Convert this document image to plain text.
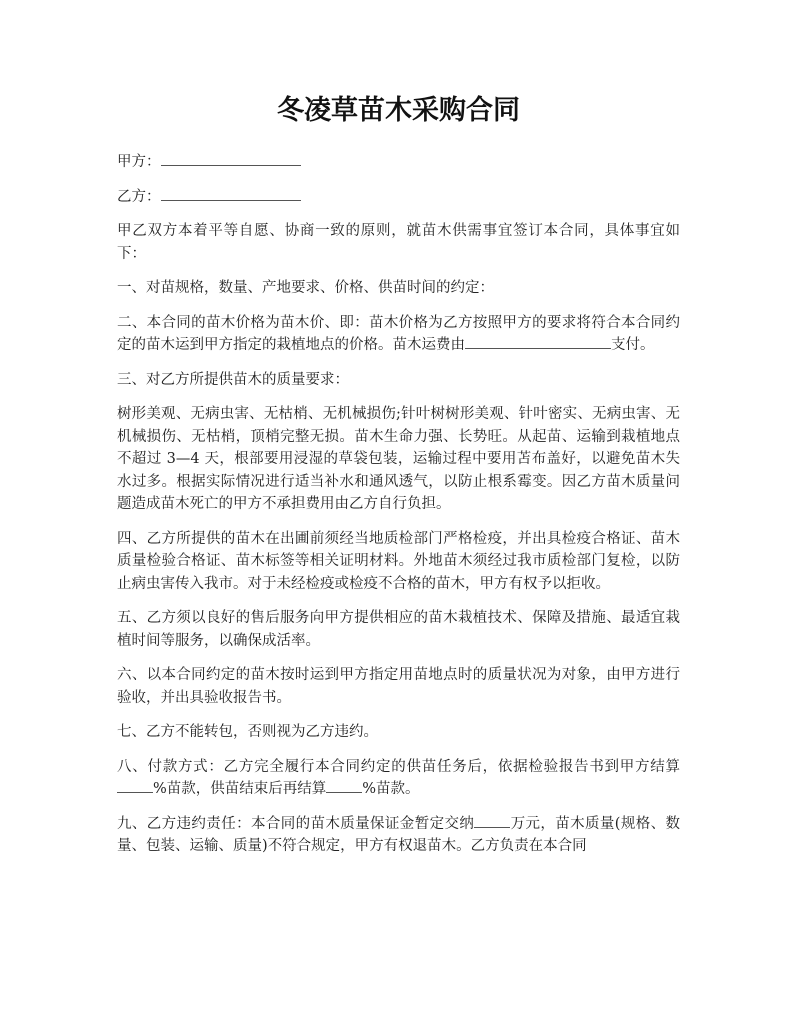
冬凌草苗木采购合同

甲方：

乙方：

甲乙双方本着平等自愿、协商一致的原则，就苗木供需事宜签订本合同，具体事宜如下：

一、对苗规格，数量、产地要求、价格、供苗时间的约定：

二、本合同的苗木价格为苗木价、即：苗木价格为乙方按照甲方的要求将符合本合同约定的苗木运到甲方指定的栽植地点的价格。苗木运费由	支付。

三、对乙方所提供苗木的质量要求：

树形美观、无病虫害、无枯梢、无机械损伤;针叶树树形美观、针叶密实、无病虫害、无机械损伤、无枯梢，顶梢完整无损。苗木生命力强、长势旺。从起苗、运输到栽植地点不超过 3—4 天，根部要用浸湿的草袋包装，运输过程中要用苫布盖好，以避免苗木失水过多。根据实际情况进行适当补水和通风透气，以防止根系霉变。因乙方苗木质量问题造成苗木死亡的甲方不承担费用由乙方自行负担。

四、乙方所提供的苗木在出圃前须经当地质检部门严格检疫，并出具检疫合格证、苗木质量检验合格证、苗木标签等相关证明材料。外地苗木须经过我市质检部门复检，以防止病虫害传入我市。对于未经检疫或检疫不合格的苗木，甲方有权予以拒收。

五、乙方须以良好的售后服务向甲方提供相应的苗木栽植技术、保障及措施、最适宜栽植时间等服务，以确保成活率。

六、以本合同约定的苗木按时运到甲方指定用苗地点时的质量状况为对象，由甲方进行验收，并出具验收报告书。

七、乙方不能转包，否则视为乙方违约。

八、付款方式：乙方完全履行本合同约定的供苗任务后，依据检验报告书到甲方结算%苗款，供苗结束后再结算 %苗款。

九、乙方违约责任：本合同的苗木质量保证金暂定交纳 万元，苗木质量(规格、数量、包装、运输、质量)不符合规定，甲方有权退苗木。乙方负责在本合同
